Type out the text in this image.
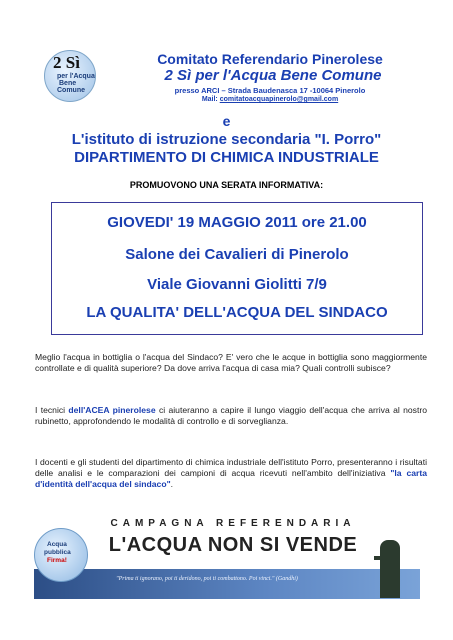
2 Sì
per l'Acqua
Bene
Comune
Comitato Referendario Pinerolese
2 Sì per l'Acqua Bene Comune
presso ARCI – Strada Baudenasca 17 -10064 Pinerolo
Mail: comitatoacquapinerolo@gmail.com
e
L'istituto di istruzione secondaria "I. Porro"
DIPARTIMENTO DI CHIMICA INDUSTRIALE
PROMUOVONO UNA SERATA INFORMATIVA:
GIOVEDI' 19 MAGGIO 2011 ore 21.00
Salone dei Cavalieri di Pinerolo
Viale Giovanni Giolitti 7/9
LA QUALITA' DELL'ACQUA DEL SINDACO

Meglio l'acqua in bottiglia o l'acqua del Sindaco? E' vero che le acque in bottiglia sono maggiormente controllate e di qualità superiore? Da dove arriva l'acqua di casa mia? Quali controlli subisce?

I tecnici dell'ACEA pinerolese ci aiuteranno a capire il lungo viaggio dell'acqua che arriva al nostro rubinetto, approfondendo le modalità di controllo e di sorveglianza.

I docenti e gli studenti del dipartimento di chimica industriale dell'istituto Porro, presenteranno i risultati delle analisi e le comparazioni dei campioni di acqua ricevuti nell'ambito dell'iniziativa "la carta d'identità dell'acqua del sindaco".

CAMPAGNA REFERENDARIA
L'ACQUA NON SI VENDE
Acqua
pubblica
Firma!
"Prima ti ignorano, poi ti deridono, poi ti combattono. Poi vinci." (Gandhi)
